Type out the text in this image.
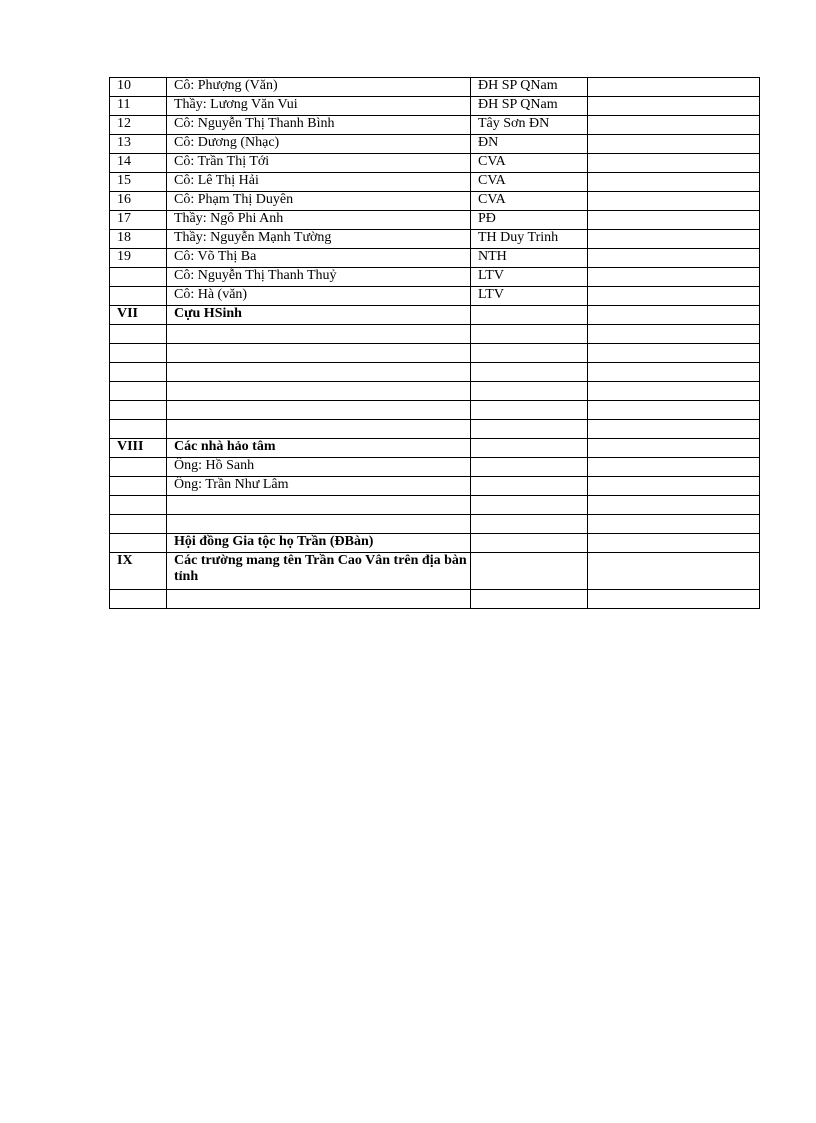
10	Cô: Phượng (Văn)	ĐH SP QNam	
11	Thầy: Lương Văn Vui	ĐH SP QNam	
12	Cô: Nguyễn Thị Thanh Bình	Tây Sơn ĐN	
13	Cô: Dương (Nhạc)	ĐN	
14	Cô: Trần Thị Tới	CVA	
15	Cô: Lê Thị Hải	CVA	
16	Cô: Phạm Thị Duyên	CVA	
17	Thầy: Ngô Phi Anh	PĐ	
18	Thầy: Nguyễn Mạnh Tường	TH Duy Trinh	
19	Cô: Võ Thị Ba	NTH	
	Cô: Nguyễn Thị Thanh Thuỷ	LTV	
	Cô: Hà (văn)	LTV	
VII	Cựu HSinh		

VIII	Các nhà hảo tâm		
	Ông: Hồ Sanh		
	Ông: Trần Như Lâm		

	Hội đồng Gia tộc họ Trần (ĐBàn)		
IX	Các trường mang tên Trần Cao Vân trên địa bàn tỉnh		
